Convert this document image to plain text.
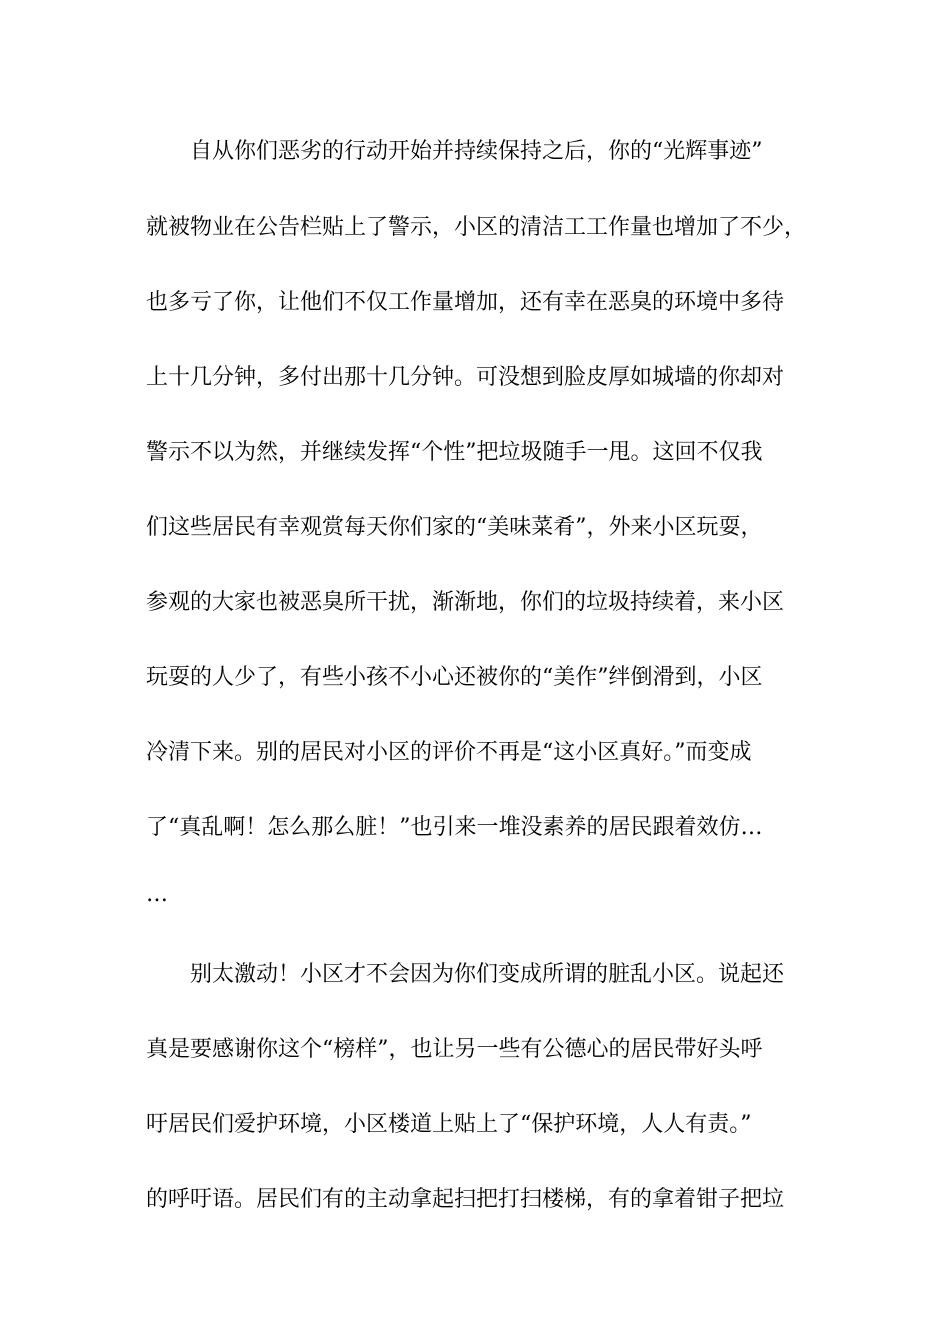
自从你们恶劣的行动开始并持续保持之后，你的“光辉事迹”

就被物业在公告栏贴上了警示，小区的清洁工工作量也增加了不少，

也多亏了你，让他们不仅工作量增加，还有幸在恶臭的环境中多待

上十几分钟，多付出那十几分钟。可没想到脸皮厚如城墙的你却对

警示不以为然，并继续发挥“个性”把垃圾随手一甩。这回不仅我

们这些居民有幸观赏每天你们家的“美味菜肴”，外来小区玩耍，

参观的大家也被恶臭所干扰，渐渐地，你们的垃圾持续着，来小区

玩耍的人少了，有些小孩不小心还被你的“美作”绊倒滑到，小区

冷清下来。别的居民对小区的评价不再是“这小区真好。”而变成

了“真乱啊！怎么那么脏！”也引来一堆没素养的居民跟着效仿…

…

别太激动！小区才不会因为你们变成所谓的脏乱小区。说起还

真是要感谢你这个“榜样”，也让另一些有公德心的居民带好头呼

吁居民们爱护环境，小区楼道上贴上了“保护环境，人人有责。”

的呼吁语。居民们有的主动拿起扫把打扫楼梯，有的拿着钳子把垃
